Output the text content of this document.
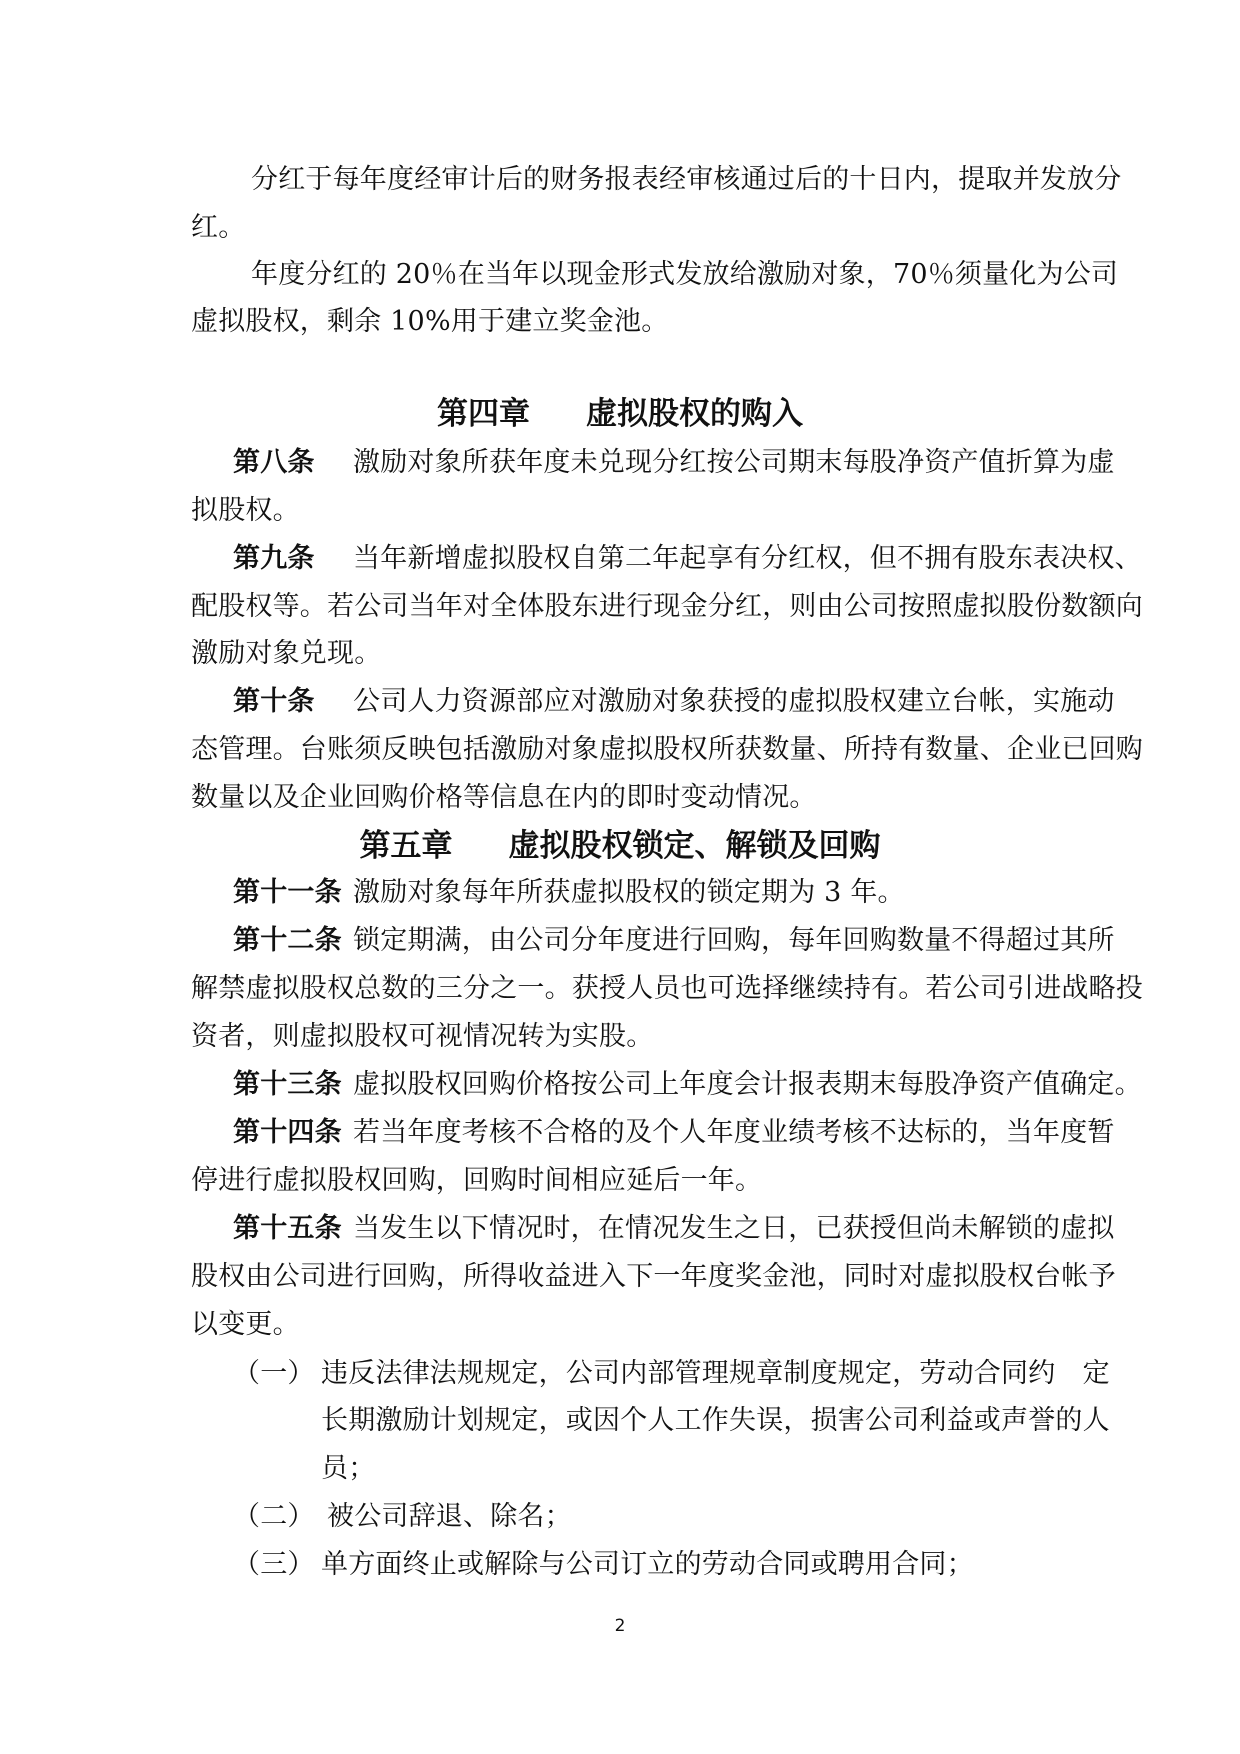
分红于每年度经审计后的财务报表经审核通过后的十日内，提取并发放分
红。
年度分红的 20％在当年以现金形式发放给激励对象，70％须量化为公司
虚拟股权，剩余 10%用于建立奖金池。
第四章 虚拟股权的购入
第八条 激励对象所获年度未兑现分红按公司期末每股净资产值折算为虚
拟股权。
第九条 当年新增虚拟股权自第二年起享有分红权，但不拥有股东表决权、
配股权等。若公司当年对全体股东进行现金分红，则由公司按照虚拟股份数额向
激励对象兑现。
第十条 公司人力资源部应对激励对象获授的虚拟股权建立台帐，实施动
态管理。台账须反映包括激励对象虚拟股权所获数量、所持有数量、企业已回购
数量以及企业回购价格等信息在内的即时变动情况。
第五章 虚拟股权锁定、解锁及回购
第十一条 激励对象每年所获虚拟股权的锁定期为 3 年。
第十二条 锁定期满，由公司分年度进行回购，每年回购数量不得超过其所
解禁虚拟股权总数的三分之一。获授人员也可选择继续持有。若公司引进战略投
资者，则虚拟股权可视情况转为实股。
第十三条 虚拟股权回购价格按公司上年度会计报表期末每股净资产值确定。
第十四条 若当年度考核不合格的及个人年度业绩考核不达标的，当年度暂
停进行虚拟股权回购，回购时间相应延后一年。
第十五条 当发生以下情况时，在情况发生之日，已获授但尚未解锁的虚拟
股权由公司进行回购，所得收益进入下一年度奖金池，同时对虚拟股权台帐予
以变更。
（一） 违反法律法规规定，公司内部管理规章制度规定，劳动合同约　定
长期激励计划规定，或因个人工作失误，损害公司利益或声誉的人
员；
（二） 被公司辞退、除名；
（三） 单方面终止或解除与公司订立的劳动合同或聘用合同；
2
